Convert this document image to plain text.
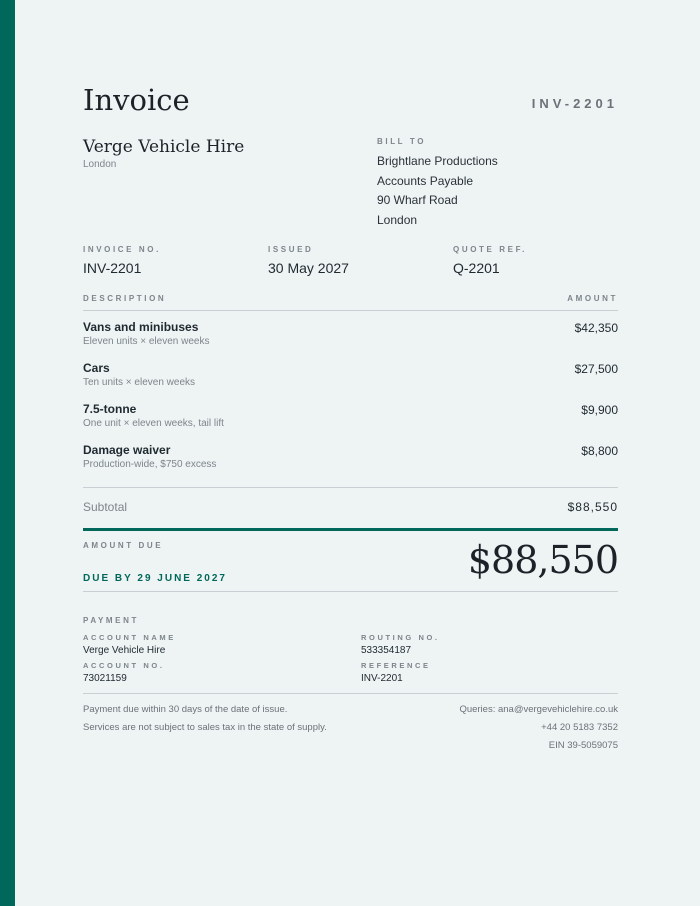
Invoice	INV-2201
Verge Vehicle Hire
London
BILL TO
Brightlane Productions
Accounts Payable
90 Wharf Road
London
INVOICE NO.
INV-2201
ISSUED
30 May 2027
QUOTE REF.
Q-2201
DESCRIPTION	AMOUNT
Vans and minibuses
Eleven units × eleven weeks
$42,350
Cars
Ten units × eleven weeks
$27,500
7.5-tonne
One unit × eleven weeks, tail lift
$9,900
Damage waiver
Production-wide, $750 excess
$8,800
Subtotal	$88,550
AMOUNT DUE
DUE BY 29 JUNE 2027	$88,550
PAYMENT
ACCOUNT NAME
Verge Vehicle Hire
ACCOUNT NO.
73021159
ROUTING NO.
533354187
REFERENCE
INV-2201
Payment due within 30 days of the date of issue.
Services are not subject to sales tax in the state of supply.
Queries: ana@vergevehiclehire.co.uk
+44 20 5183 7352
EIN 39-5059075
